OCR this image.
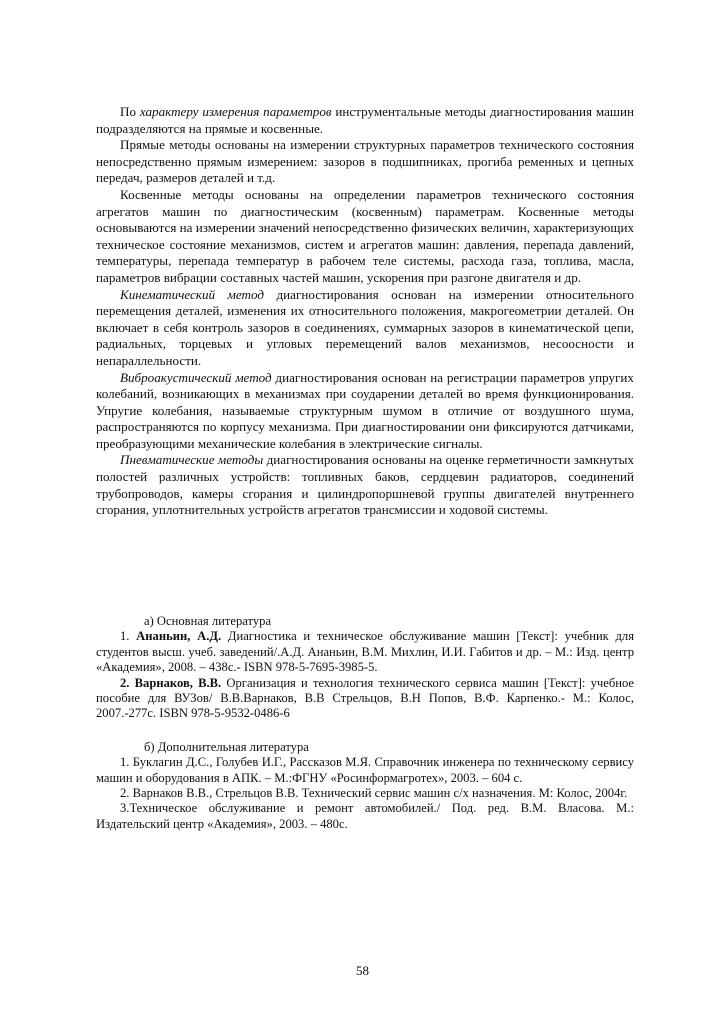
По характеру измерения параметров инструментальные методы диагностирования машин подразделяются на прямые и косвенные.

Прямые методы основаны на измерении структурных параметров технического состояния непосредственно прямым измерением: зазоров в подшипниках, прогиба ременных и цепных передач, размеров деталей и т.д.

Косвенные методы основаны на определении параметров технического состояния агрегатов машин по диагностическим (косвенным) параметрам. Косвенные методы основываются на измерении значений непосредственно физических величин, характеризующих техническое состояние механизмов, систем и агрегатов машин: давления, перепада давлений, температуры, перепада температур в рабочем теле системы, расхода газа, топлива, масла, параметров вибрации составных частей машин, ускорения при разгоне двигателя и др.

Кинематический метод диагностирования основан на измерении относительного перемещения деталей, изменения их относительного положения, макрогеометрии деталей. Он включает в себя контроль зазоров в соединениях, суммарных зазоров в кинематической цепи, радиальных, торцевых и угловых перемещений валов механизмов, несоосности и непараллельности.

Виброакустический метод диагностирования основан на регистрации параметров упругих колебаний, возникающих в механизмах при соударении деталей во время функционирования. Упругие колебания, называемые структурным шумом в отличие от воздушного шума, распространяются по корпусу механизма. При диагностировании они фиксируются датчиками, преобразующими механические колебания в электрические сигналы.

Пневматические методы диагностирования основаны на оценке герметичности замкнутых полостей различных устройств: топливных баков, сердцевин радиаторов, соединений трубопроводов, камеры сгорания и цилиндропоршневой группы двигателей внутреннего сгорания, уплотнительных устройств агрегатов трансмиссии и ходовой системы.

а) Основная литература

1. Ананьин, А.Д. Диагностика и техническое обслуживание машин [Текст]: учебник для студентов высш. учеб. заведений/.А.Д. Ананьин, В.М. Михлин, И.И. Габитов и др. – М.: Изд. центр «Академия», 2008. – 438с.- ISBN 978-5-7695-3985-5.

2. Варнаков, В.В. Организация и технология технического сервиса машин [Текст]: учебное пособие для ВУЗов/ В.В.Варнаков, В.В Стрельцов, В.Н Попов, В.Ф. Карпенко.- М.: Колос, 2007.-277с. ISBN 978-5-9532-0486-6

б) Дополнительная литература

1. Буклагин Д.С., Голубев И.Г., Рассказов М.Я. Справочник инженера по техническому сервису машин и оборудования в АПК. – М.:ФГНУ «Росинформагротех», 2003. – 604 с.

2. Варнаков В.В., Стрельцов В.В. Технический сервис машин с/х назначения. М: Колос, 2004г.

3.Техническое обслуживание и ремонт автомобилей./ Под. ред. В.М. Власова. М.: Издательский центр «Академия», 2003. – 480с.

58
